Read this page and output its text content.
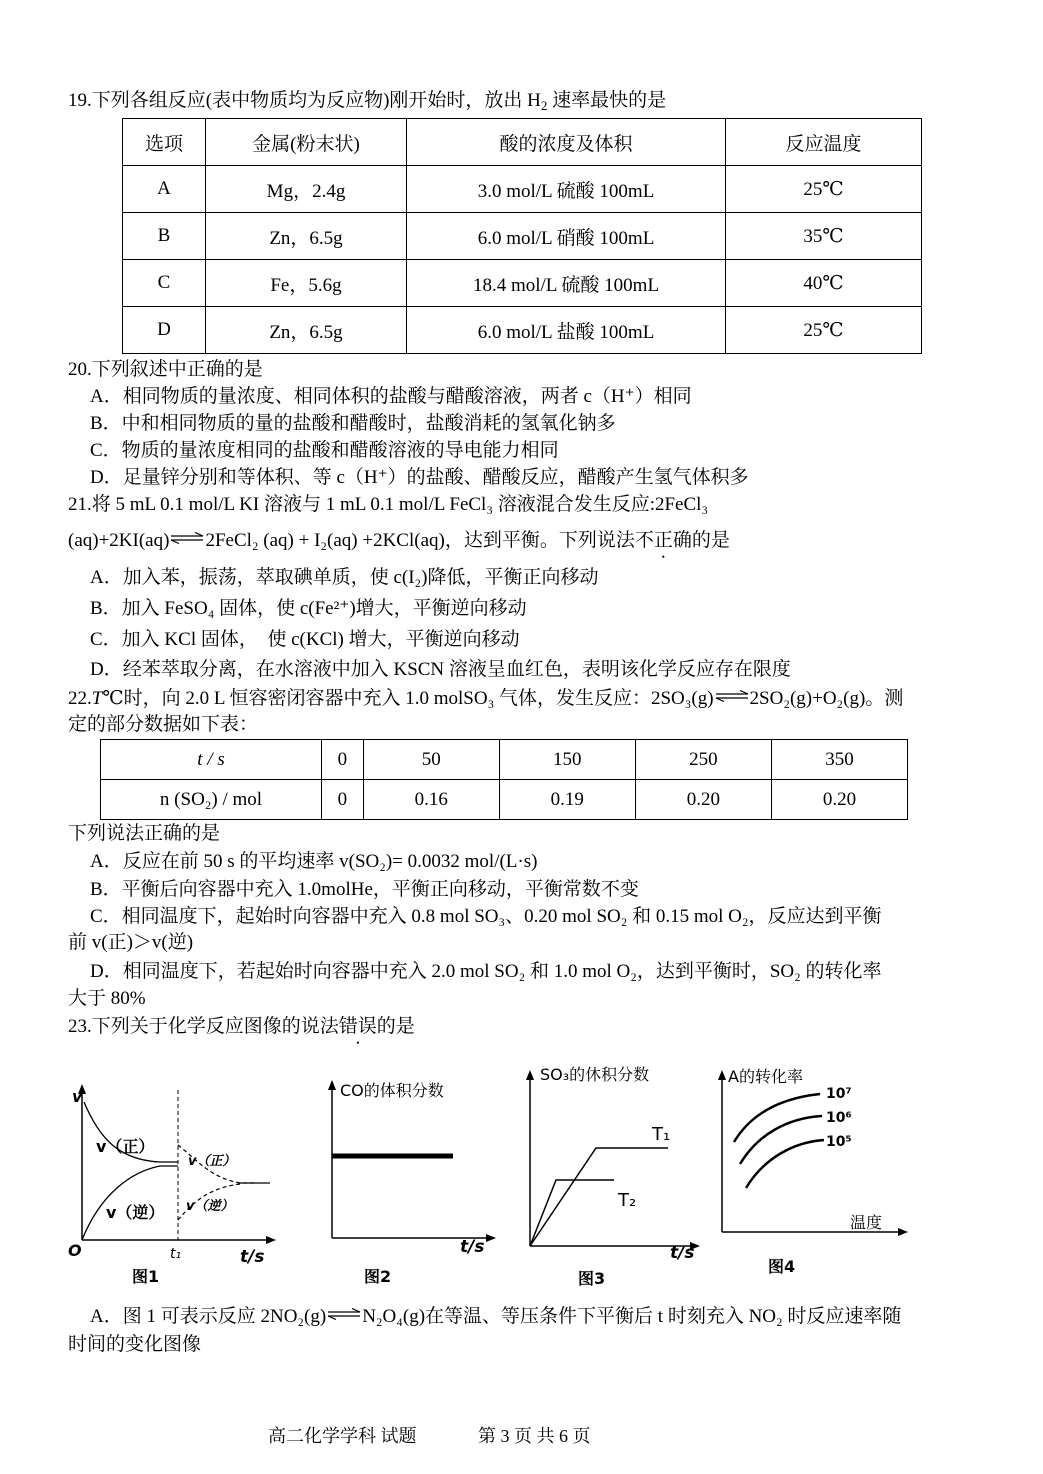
19.下列各组反应(表中物质均为反应物)刚开始时，放出 $H_2$ 速率最快的是
选项	金属(粉末状)	酸的浓度及体积	反应温度
A	Mg，2.4g	3.0 mol/L 硫酸 100mL	25℃
B	Zn，6.5g	6.0 mol/L 硝酸 100mL	35℃
C	Fe，5.6g	18.4 mol/L 硫酸 100mL	40℃
D	Zn，6.5g	6.0 mol/L 盐酸 100mL	25℃
20.下列叙述中正确的是
A．相同物质的量浓度、相同体积的盐酸与醋酸溶液，两者 c（H⁺）相同
B．中和相同物质的量的盐酸和醋酸时，盐酸消耗的氢氧化钠多
C．物质的量浓度相同的盐酸和醋酸溶液的导电能力相同
D．足量锌分别和等体积、等 c（H⁺）的盐酸、醋酸反应，醋酸产生氢气体积多
21.将 5 mL 0.1 mol/L KI 溶液与 1 mL 0.1 mol/L FeCl₃ 溶液混合发生反应:2FeCl₃
(aq)+2KI(aq)⇌2FeCl₂ (aq) + I₂(aq) +2KCl(aq)，达到平衡。下列说法不正确的是
A．加入苯，振荡，萃取碘单质，使 c(I₂)降低，平衡正向移动
B．加入 FeSO₄ 固体，使 c(Fe²⁺)增大，平衡逆向移动
C．加入 KCl 固体，　使 c(KCl) 增大，平衡逆向移动
D．经苯萃取分离，在水溶液中加入 KSCN 溶液呈血红色，表明该化学反应存在限度
22.T℃时，向 2.0 L 恒容密闭容器中充入 1.0 molSO₃ 气体，发生反应：2SO₃(g)⇌2SO₂(g)+O₂(g)。测
定的部分数据如下表：
t / s	0	50	150	250	350
n (SO₂) / mol	0	0.16	0.19	0.20	0.20
下列说法正确的是
A．反应在前 50 s 的平均速率 v(SO₂)= 0.0032 mol/(L·s)
B．平衡后向容器中充入 1.0molHe，平衡正向移动，平衡常数不变
C．相同温度下，起始时向容器中充入 0.8 mol SO₃、0.20 mol SO₂ 和 0.15 mol O₂，反应达到平衡
前 v(正)＞v(逆)
D．相同温度下，若起始时向容器中充入 2.0 mol SO₂ 和 1.0 mol O₂，达到平衡时，SO₂ 的转化率
大于 80%
23.下列关于化学反应图像的说法错误的是
v
O	t₁	t/s
v（正）
v（逆）
v（正）
v（逆）
图1
CO的体积分数
t/s
图2
SO₃的休积分数
T₁
T₂
t/s
图3
A的转化率
10⁷
10⁶
10⁵
温度
图4
A．图 1 可表示反应 2NO₂(g)⇌N₂O₄(g)在等温、等压条件下平衡后 t 时刻充入 NO₂ 时反应速率随
时间的变化图像
高二化学学科 试题	第 3 页 共 6 页
